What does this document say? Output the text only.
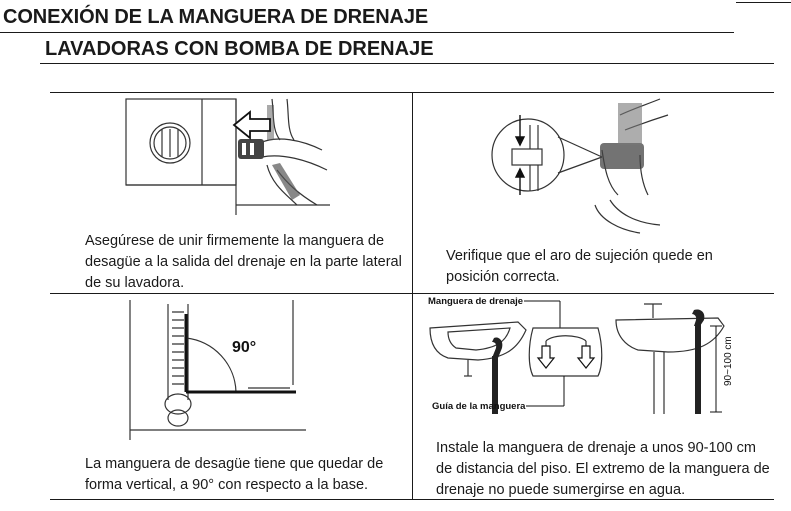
CONEXIÓN DE LA MANGUERA DE DRENAJE
LAVADORAS CON BOMBA DE DRENAJE

Asegúrese de unir firmemente la manguera de desagüe a la salida del drenaje en la parte lateral de su lavadora.

Verifique que el aro de sujeción quede en posición correcta.

90°

La manguera de desagüe tiene que quedar de forma vertical, a 90° con respecto a la base.

Manguera de drenaje
Guía de la manguera
90~100 cm

Instale la manguera de drenaje a unos 90-100 cm de distancia del piso. El extremo de la manguera de drenaje no puede sumergirse en agua.
